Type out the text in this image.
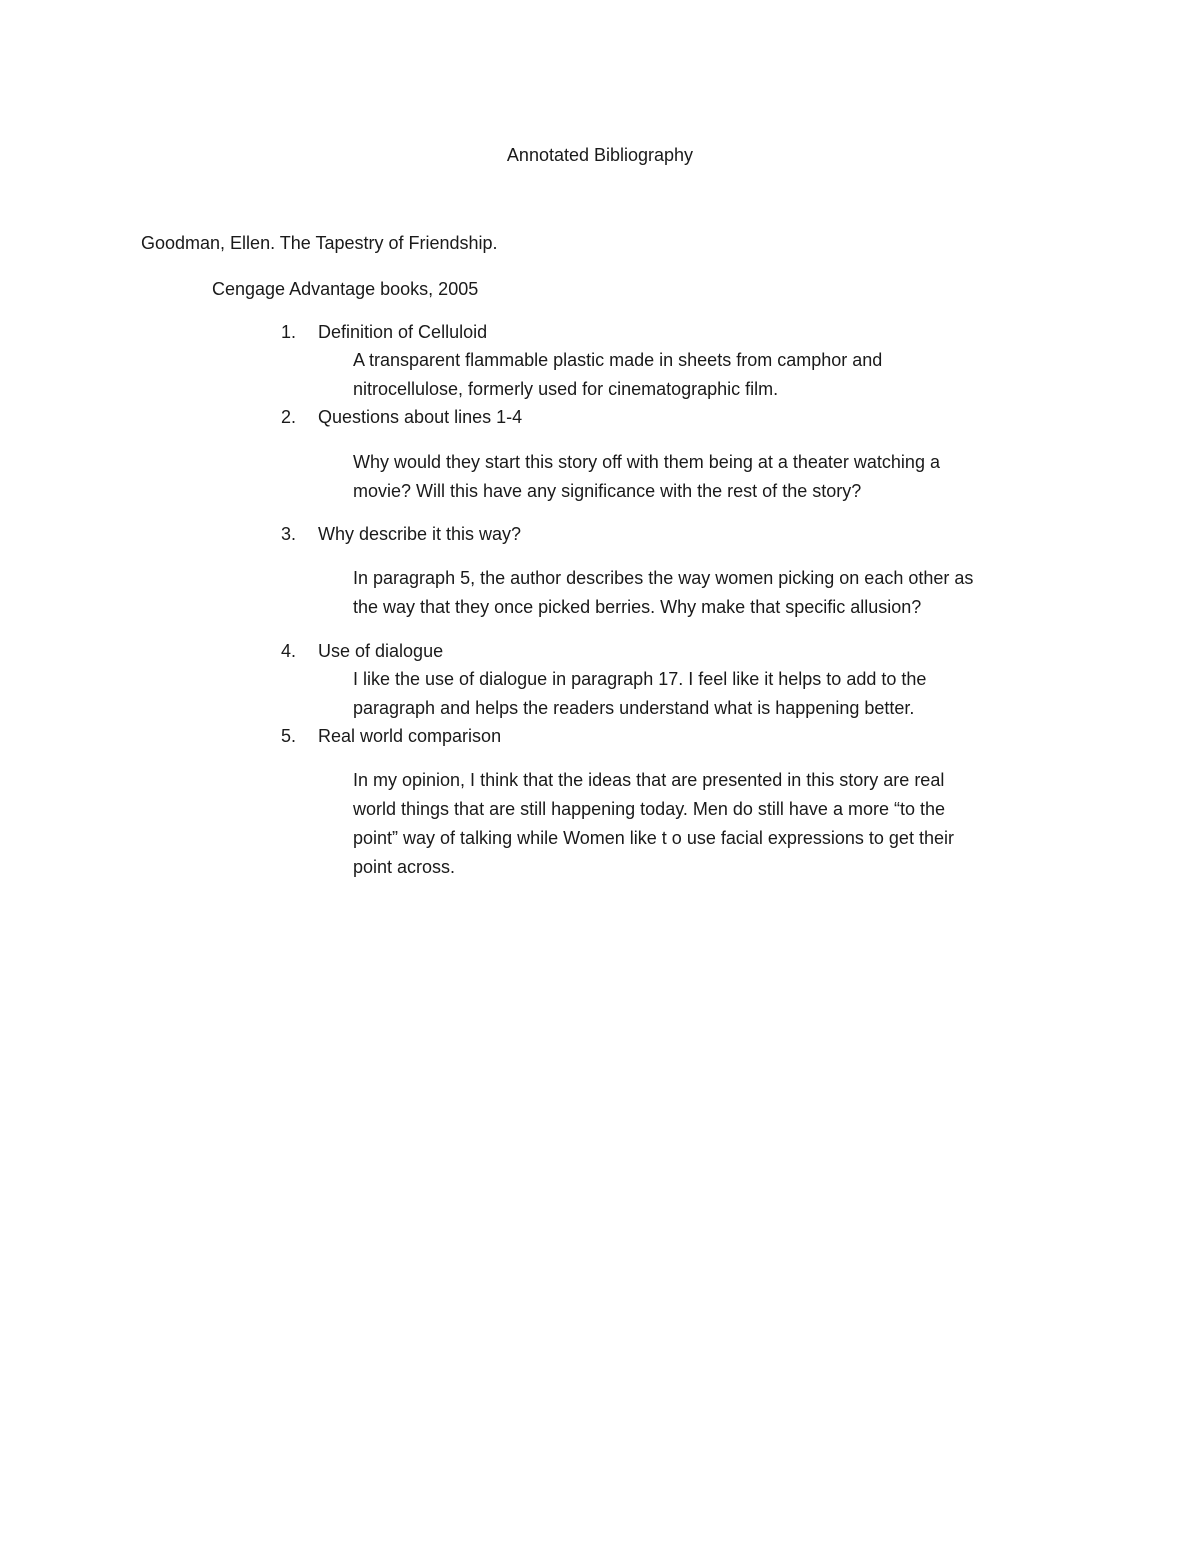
Annotated Bibliography
Goodman, Ellen. The Tapestry of Friendship.
Cengage Advantage books, 2005
1.	Definition of Celluloid
A transparent flammable plastic made in sheets from camphor and
nitrocellulose, formerly used for cinematographic film.
2.	Questions about lines 1-4
Why would they start this story off with them being at a theater watching a
movie? Will this have any significance with the rest of the story?
3.	Why describe it this way?
In paragraph 5, the author describes the way women picking on each other as
the way that they once picked berries. Why make that specific allusion?
4.	Use of dialogue
I like the use of dialogue in paragraph 17. I feel like it helps to add to the
paragraph and helps the readers understand what is happening better.
5.	Real world comparison
In my opinion, I think that the ideas that are presented in this story are real
world things that are still happening today. Men do still have a more “to the
point” way of talking while Women like t o use facial expressions to get their
point across.
